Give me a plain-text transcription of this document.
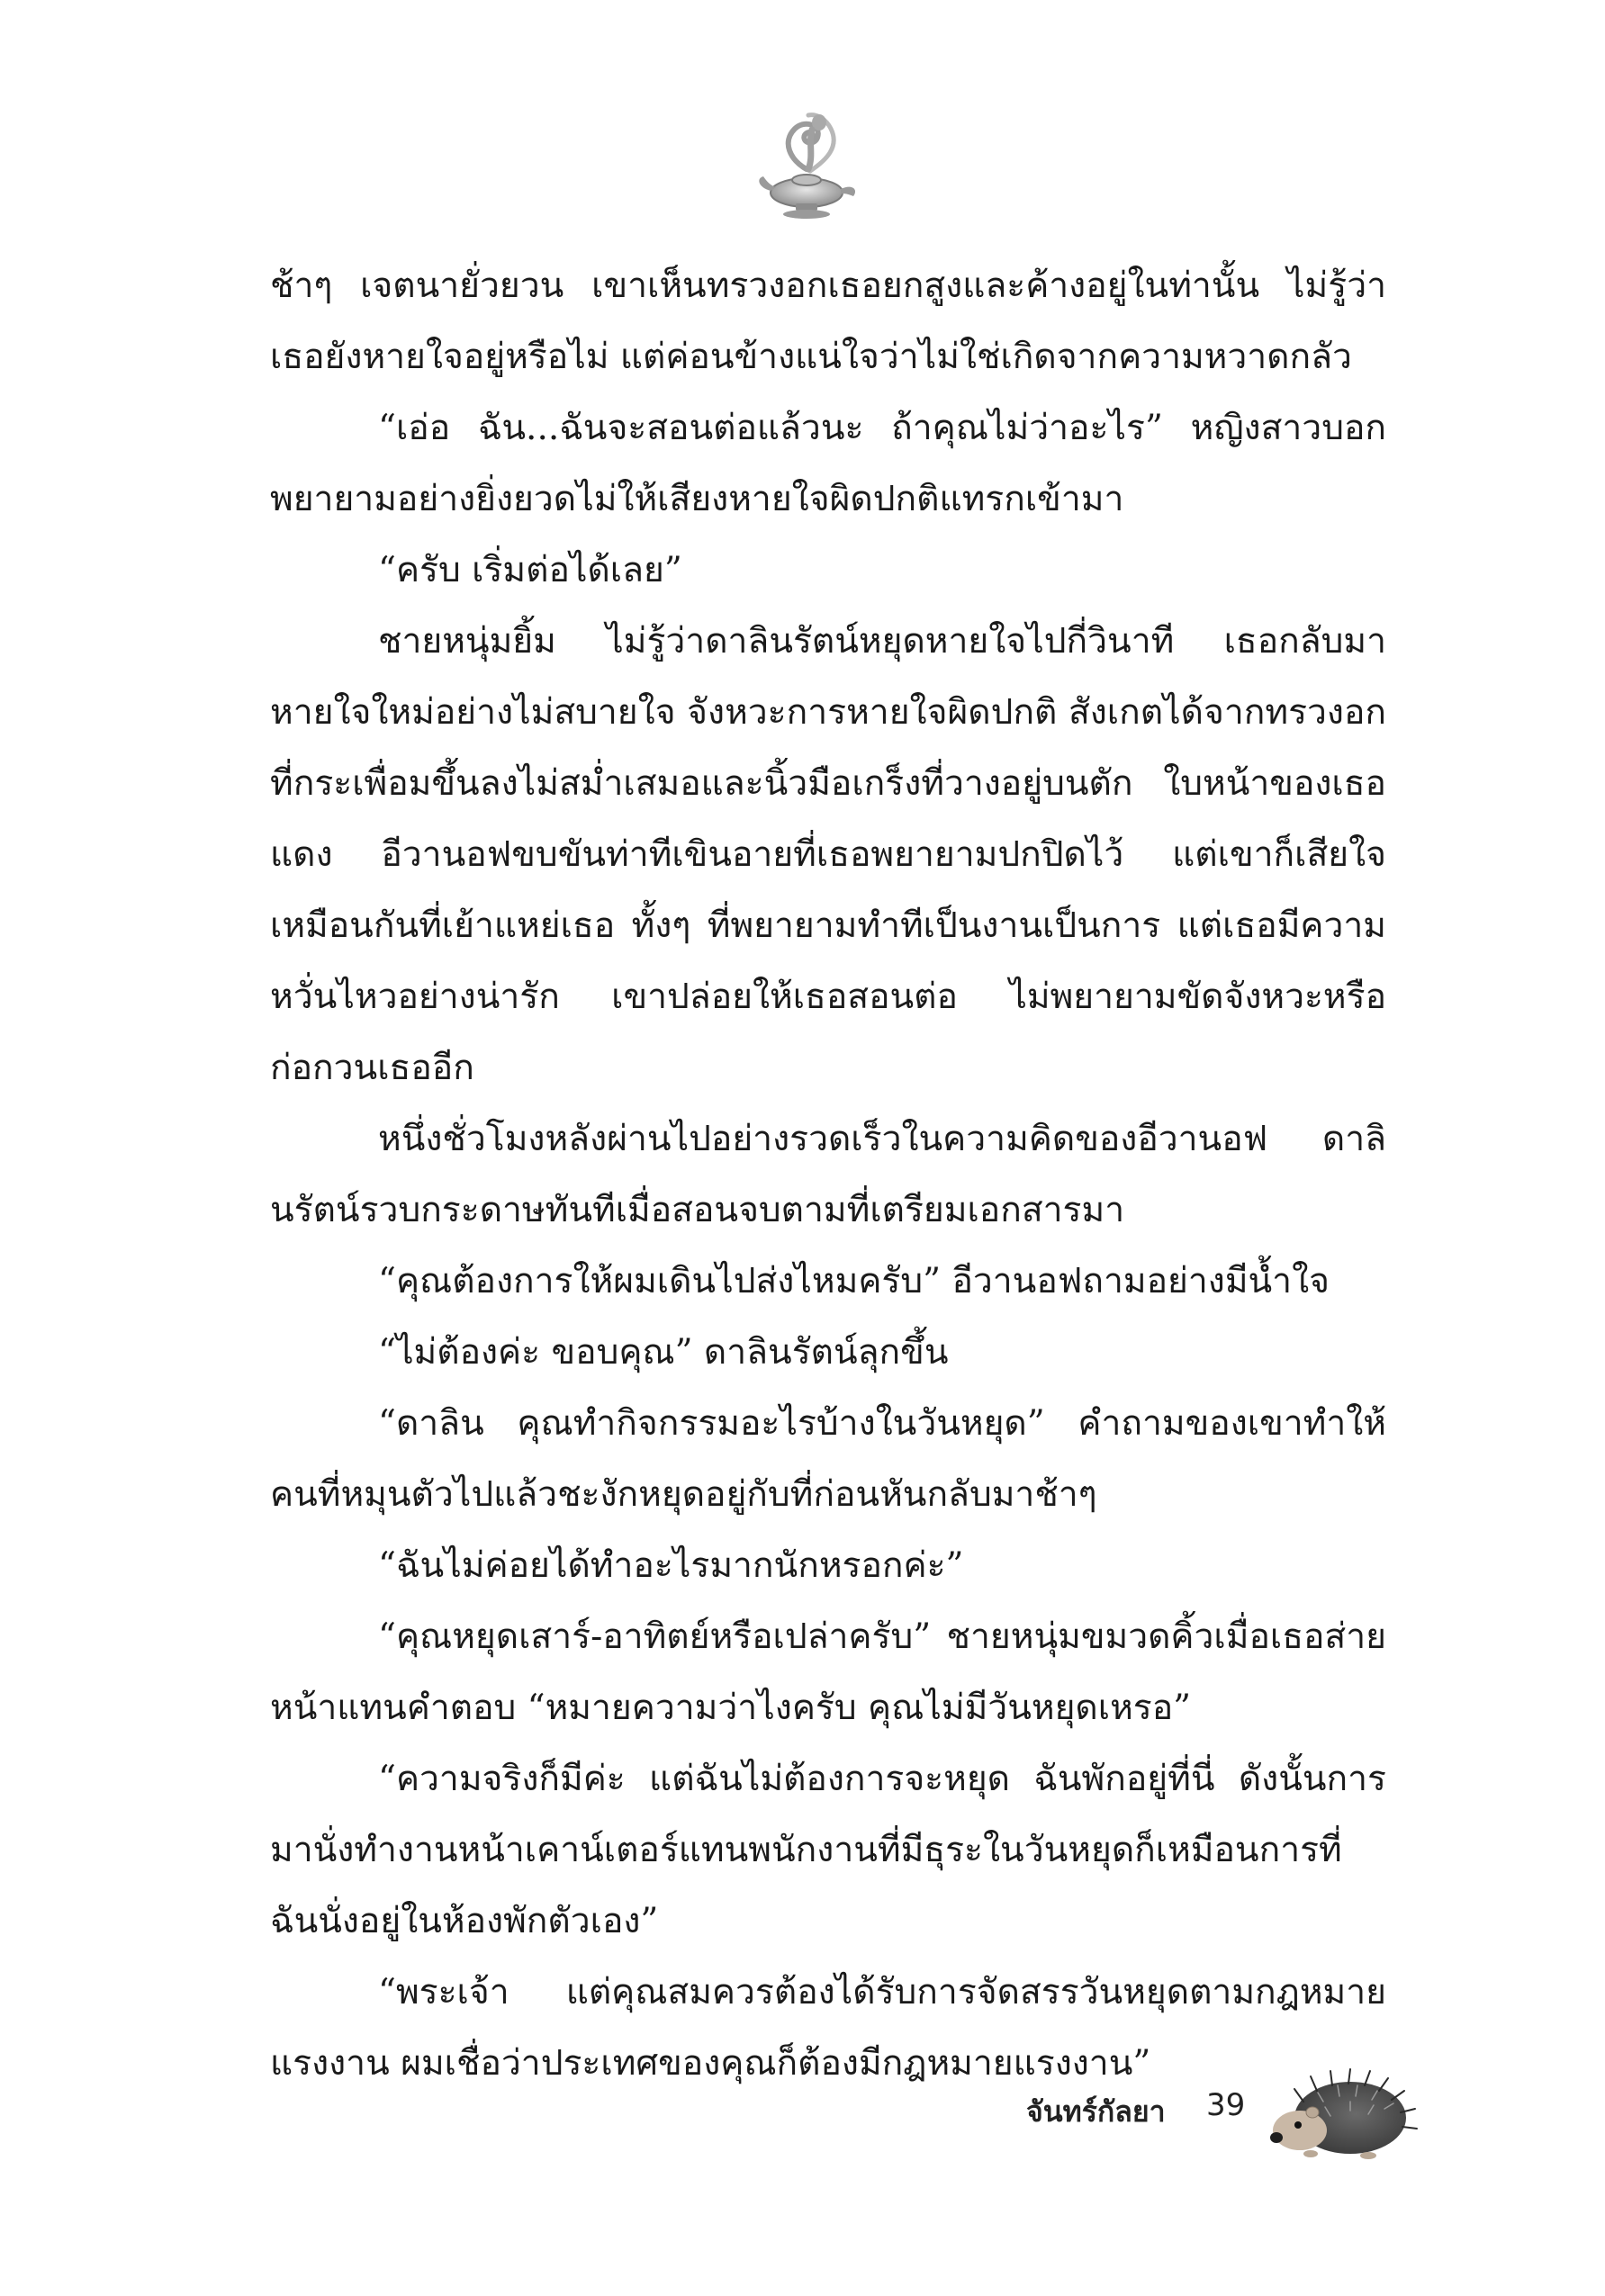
ช้าๆ เจตนายั่วยวน เขาเห็นทรวงอกเธอยกสูงและค้างอยู่ในท่านั้น ไม่รู้ว่าเธอยังหายใจอยู่หรือไม่ แต่ค่อนข้างแน่ใจว่าไม่ใช่เกิดจากความหวาดกลัว

“เอ่อ ฉัน...ฉันจะสอนต่อแล้วนะ ถ้าคุณไม่ว่าอะไร” หญิงสาวบอกพยายามอย่างยิ่งยวดไม่ให้เสียงหายใจผิดปกติแทรกเข้ามา

“ครับ เริ่มต่อได้เลย”

ชายหนุ่มยิ้ม ไม่รู้ว่าดาลินรัตน์หยุดหายใจไปกี่วินาที เธอกลับมาหายใจใหม่อย่างไม่สบายใจ จังหวะการหายใจผิดปกติ สังเกตได้จากทรวงอกที่กระเพื่อมขึ้นลงไม่สม่ำเสมอและนิ้วมือเกร็งที่วางอยู่บนตัก ใบหน้าของเธอแดง อีวานอฟขบขันท่าทีเขินอายที่เธอพยายามปกปิดไว้ แต่เขาก็เสียใจเหมือนกันที่เย้าแหย่เธอ ทั้งๆ ที่พยายามทำทีเป็นงานเป็นการ แต่เธอมีความหวั่นไหวอย่างน่ารัก เขาปล่อยให้เธอสอนต่อ ไม่พยายามขัดจังหวะหรือก่อกวนเธออีก

หนึ่งชั่วโมงหลังผ่านไปอย่างรวดเร็วในความคิดของอีวานอฟ ดาลินรัตน์รวบกระดาษทันทีเมื่อสอนจบตามที่เตรียมเอกสารมา

“คุณต้องการให้ผมเดินไปส่งไหมครับ” อีวานอฟถามอย่างมีน้ำใจ

“ไม่ต้องค่ะ ขอบคุณ” ดาลินรัตน์ลุกขึ้น

“ดาลิน คุณทำกิจกรรมอะไรบ้างในวันหยุด” คำถามของเขาทำให้คนที่หมุนตัวไปแล้วชะงักหยุดอยู่กับที่ก่อนหันกลับมาช้าๆ

“ฉันไม่ค่อยได้ทำอะไรมากนักหรอกค่ะ”

“คุณหยุดเสาร์-อาทิตย์หรือเปล่าครับ” ชายหนุ่มขมวดคิ้วเมื่อเธอส่ายหน้าแทนคำตอบ “หมายความว่าไงครับ คุณไม่มีวันหยุดเหรอ”

“ความจริงก็มีค่ะ แต่ฉันไม่ต้องการจะหยุด ฉันพักอยู่ที่นี่ ดังนั้นการมานั่งทำงานหน้าเคาน์เตอร์แทนพนักงานที่มีธุระในวันหยุดก็เหมือนการที่ฉันนั่งอยู่ในห้องพักตัวเอง”

“พระเจ้า แต่คุณสมควรต้องได้รับการจัดสรรวันหยุดตามกฎหมายแรงงาน ผมเชื่อว่าประเทศของคุณก็ต้องมีกฎหมายแรงงาน”

จันทร์กัลยา 39
